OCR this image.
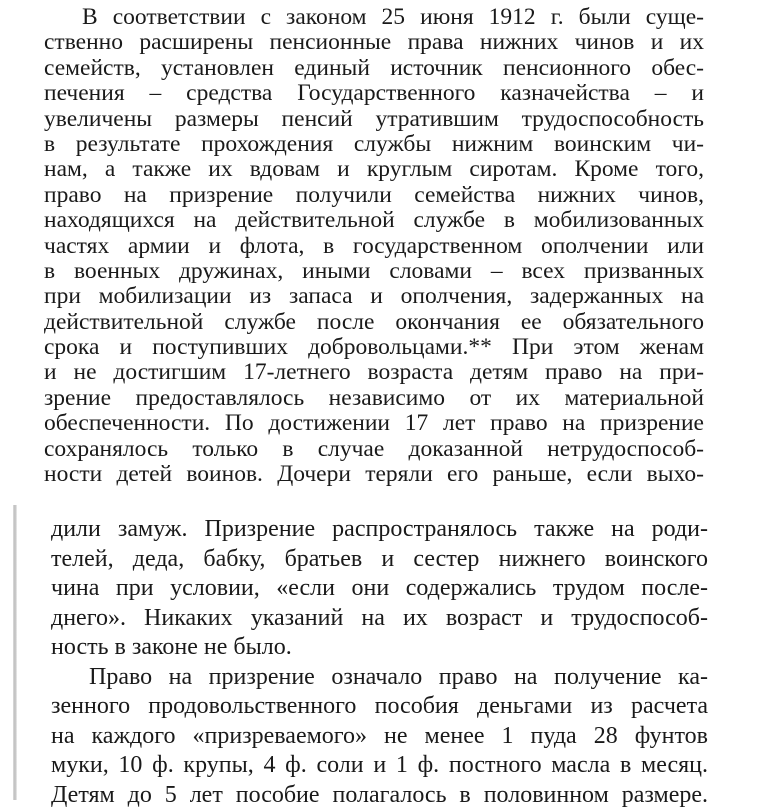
В соответствии с законом 25 июня 1912 г. были суще-
ственно расширены пенсионные права нижних чинов и их
семейств, установлен единый источник пенсионного обес-
печения – средства Государственного казначейства – и
увеличены размеры пенсий утратившим трудоспособность
в результате прохождения службы нижним воинским чи-
нам, а также их вдовам и круглым сиротам. Кроме того,
право на призрение получили семейства нижних чинов,
находящихся на действительной службе в мобилизованных
частях армии и флота, в государственном ополчении или
в военных дружинах, иными словами – всех призванных
при мобилизации из запаса и ополчения, задержанных на
действительной службе после окончания ее обязательного
срока и поступивших добровольцами.** При этом женам
и не достигшим 17-летнего возраста детям право на при-
зрение предоставлялось независимо от их материальной
обеспеченности. По достижении 17 лет право на призрение
сохранялось только в случае доказанной нетрудоспособ-
ности детей воинов. Дочери теряли его раньше, если выхо-
дили замуж. Призрение распространялось также на роди-
телей, деда, бабку, братьев и сестер нижнего воинского
чина при условии, «если они содержались трудом после-
днего». Никаких указаний на их возраст и трудоспособ-
ность в законе не было.
Право на призрение означало право на получение ка-
зенного продовольственного пособия деньгами из расчета
на каждого «призреваемого» не менее 1 пуда 28 фунтов
муки, 10 ф. крупы, 4 ф. соли и 1 ф. постного масла в месяц.
Детям до 5 лет пособие полагалось в половинном размере.
